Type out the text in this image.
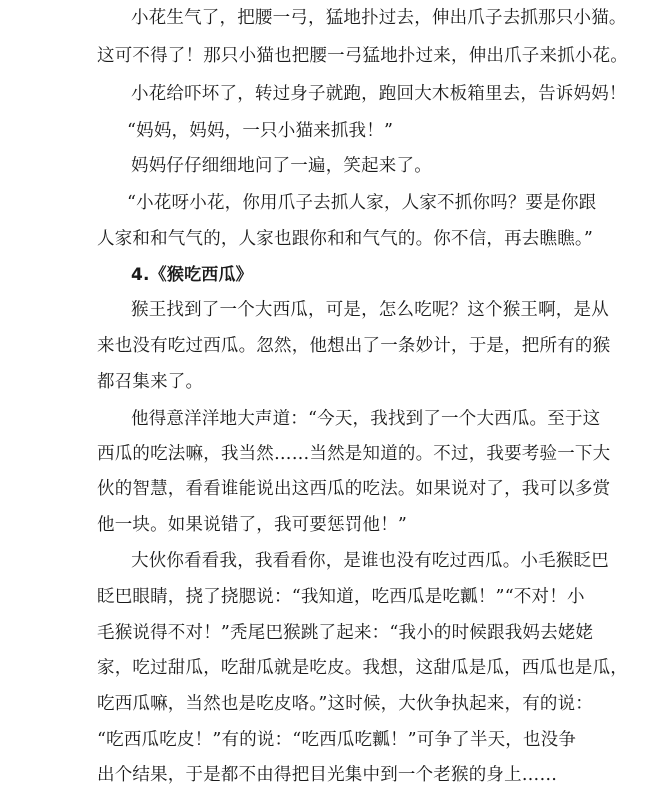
小花生气了，把腰一弓，猛地扑过去，伸出爪子去抓那只小猫。
这可不得了！那只小猫也把腰一弓猛地扑过来，伸出爪子来抓小花。
小花给吓坏了，转过身子就跑，跑回大木板箱里去，告诉妈妈！
“妈妈，妈妈，一只小猫来抓我！”
妈妈仔仔细细地问了一遍，笑起来了。
“小花呀小花，你用爪子去抓人家，人家不抓你吗？要是你跟
人家和和气气的，人家也跟你和和气气的。你不信，再去瞧瞧。”
4.《猴吃西瓜》
猴王找到了一个大西瓜，可是，怎么吃呢？这个猴王啊，是从
来也没有吃过西瓜。忽然，他想出了一条妙计，于是，把所有的猴
都召集来了。
他得意洋洋地大声道：“今天，我找到了一个大西瓜。至于这
西瓜的吃法嘛，我当然……当然是知道的。不过，我要考验一下大
伙的智慧，看看谁能说出这西瓜的吃法。如果说对了，我可以多赏
他一块。如果说错了，我可要惩罚他！”
大伙你看看我，我看看你，是谁也没有吃过西瓜。小毛猴眨巴
眨巴眼睛，挠了挠腮说：“我知道，吃西瓜是吃瓤！”“不对！小
毛猴说得不对！”秃尾巴猴跳了起来：“我小的时候跟我妈去姥姥
家，吃过甜瓜，吃甜瓜就是吃皮。我想，这甜瓜是瓜，西瓜也是瓜，
吃西瓜嘛，当然也是吃皮咯。”这时候，大伙争执起来，有的说：
“吃西瓜吃皮！”有的说：“吃西瓜吃瓤！”可争了半天，也没争
出个结果，于是都不由得把目光集中到一个老猴的身上……
